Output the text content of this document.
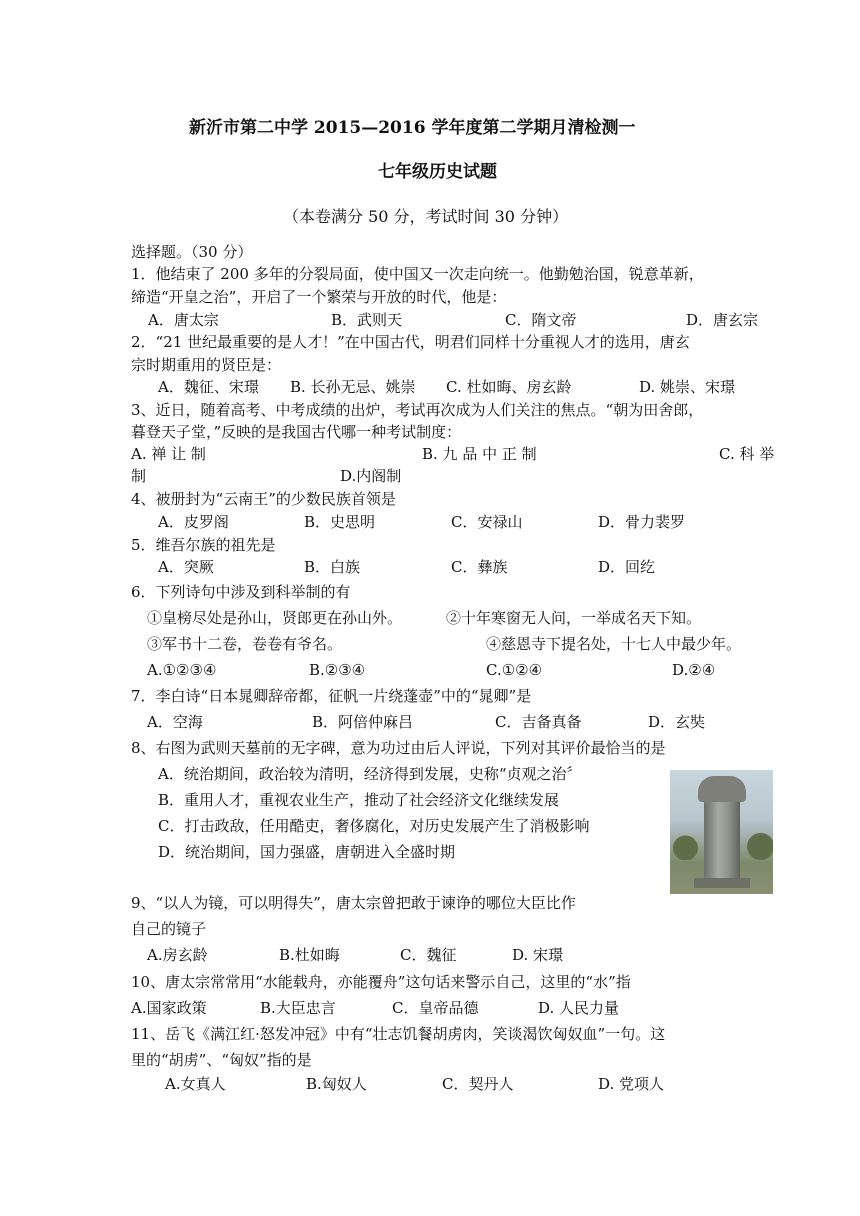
新沂市第二中学 2015—2016 学年度第二学期月清检测一
七年级历史试题
（本卷满分 50 分，考试时间 30 分钟）
选择题。（30 分）
1．他结束了 200 多年的分裂局面，使中国又一次走向统一。他勤勉治国，锐意革新，
缔造“开皇之治”，开启了一个繁荣与开放的时代，他是：
A．唐太宗	B．武则天	C．隋文帝	D．唐玄宗
2．“21 世纪最重要的是人才！”在中国古代，明君们同样十分重视人才的选用，唐玄
宗时期重用的贤臣是：
A．魏征、宋璟 B. 长孙无忌、姚崇 C. 杜如晦、房玄龄	D. 姚崇、宋璟
3、近日，随着高考、中考成绩的出炉，考试再次成为人们关注的焦点。“朝为田舍郎，
暮登天子堂，”反映的是我国古代哪一种考试制度：
A. 禅 让 制	B. 九 品 中 正 制	C. 科 举
制	D.内阁制
4、被册封为“云南王”的少数民族首领是
A．皮罗阁	B．史思明	C．安禄山	D．骨力裴罗
5．维吾尔族的祖先是
A．突厥	B．白族	C．彝族	D．回纥
6．下列诗句中涉及到科举制的有
①皇榜尽处是孙山，贤郎更在孙山外。	②十年寒窗无人问，一举成名天下知。
③军书十二卷，卷卷有爷名。	④慈恩寺下提名处，十七人中最少年。
A.①②③④	B.②③④	C.①②④	D.②④
7．李白诗“日本晁卿辞帝都，征帆一片绕蓬壶”中的“晁卿”是
A．空海	B．阿倍仲麻吕	C．吉备真备	D．玄奘
8、右图为武则天墓前的无字碑，意为功过由后人评说，下列对其评价最恰当的是
A．统治期间，政治较为清明，经济得到发展，史称“贞观之治〞
B．重用人才，重视农业生产，推动了社会经济文化继续发展
C．打击政敌，任用酷吏，奢侈腐化，对历史发展产生了消极影响
D．统治期间，国力强盛，唐朝进入全盛时期
9、“以人为镜，可以明得失”，唐太宗曾把敢于谏诤的哪位大臣比作
自己的镜子
A.房玄龄	B.杜如晦	C．魏征	D. 宋璟
10、唐太宗常常用“水能载舟，亦能覆舟”这句话来警示自己，这里的“水”指
A.国家政策	B.大臣忠言	C．皇帝品德	D. 人民力量
11、岳飞《满江红·怒发冲冠》中有“壮志饥餐胡虏肉，笑谈渴饮匈奴血”一句。这
里的“胡虏”、“匈奴”指的是
A.女真人	B.匈奴人	C．契丹人	D. 党项人
